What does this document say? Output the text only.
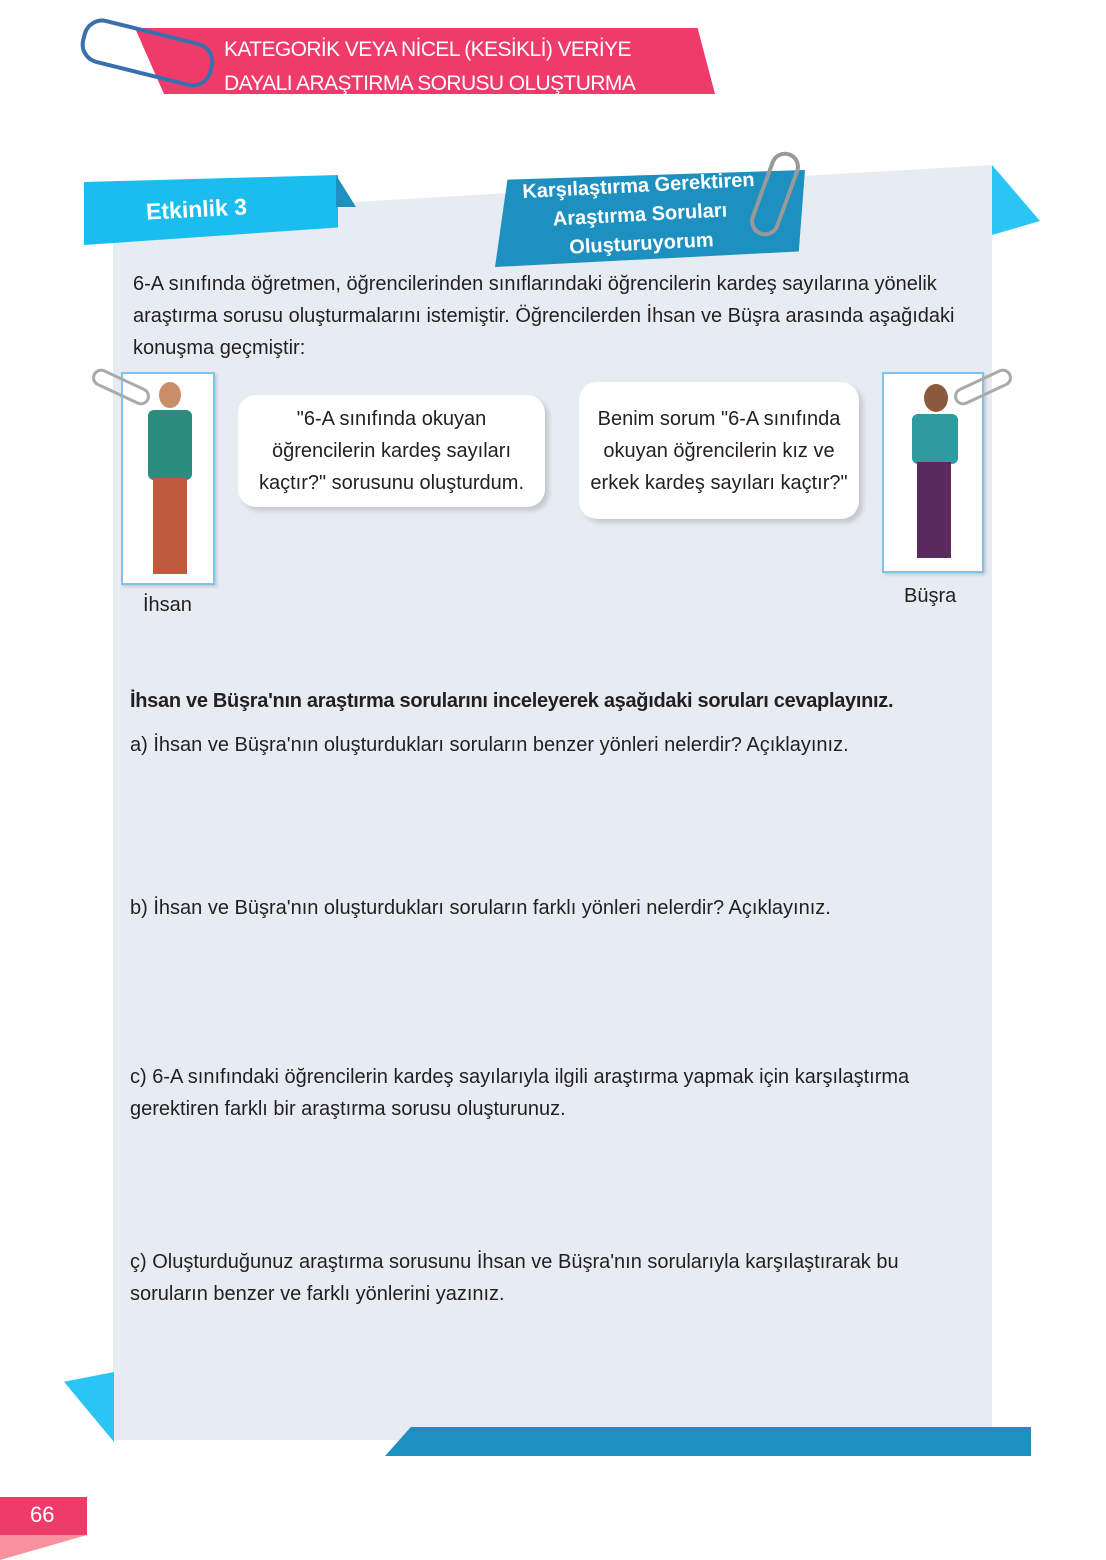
KATEGORİK VEYA NİCEL (KESİKLİ) VERİYE
DAYALI ARAŞTIRMA SORUSU OLUŞTURMA
Etkinlik 3
Karşılaştırma Gerektiren
Araştırma Soruları
Oluşturuyorum
6-A sınıfında öğretmen, öğrencilerinden sınıflarındaki öğrencilerin kardeş sayılarına yönelik araştırma sorusu oluşturmalarını istemiştir. Öğrencilerden İhsan ve Büşra arasında aşağıdaki konuşma geçmiştir:
İhsan
"6-A sınıfında okuyan öğrencilerin kardeş sayıları kaçtır?" sorusunu oluşturdum.
Benim sorum "6-A sınıfında okuyan öğrencilerin kız ve erkek kardeş sayıları kaçtır?"
Büşra
İhsan ve Büşra'nın araştırma sorularını inceleyerek aşağıdaki soruları cevaplayınız.
a) İhsan ve Büşra'nın oluşturdukları soruların benzer yönleri nelerdir? Açıklayınız.
b) İhsan ve Büşra'nın oluşturdukları soruların farklı yönleri nelerdir? Açıklayınız.
c) 6-A sınıfındaki öğrencilerin kardeş sayılarıyla ilgili araştırma yapmak için karşılaştırma gerektiren farklı bir araştırma sorusu oluşturunuz.
ç) Oluşturduğunuz araştırma sorusunu İhsan ve Büşra'nın sorularıyla karşılaştırarak bu soruların benzer ve farklı yönlerini yazınız.
66
